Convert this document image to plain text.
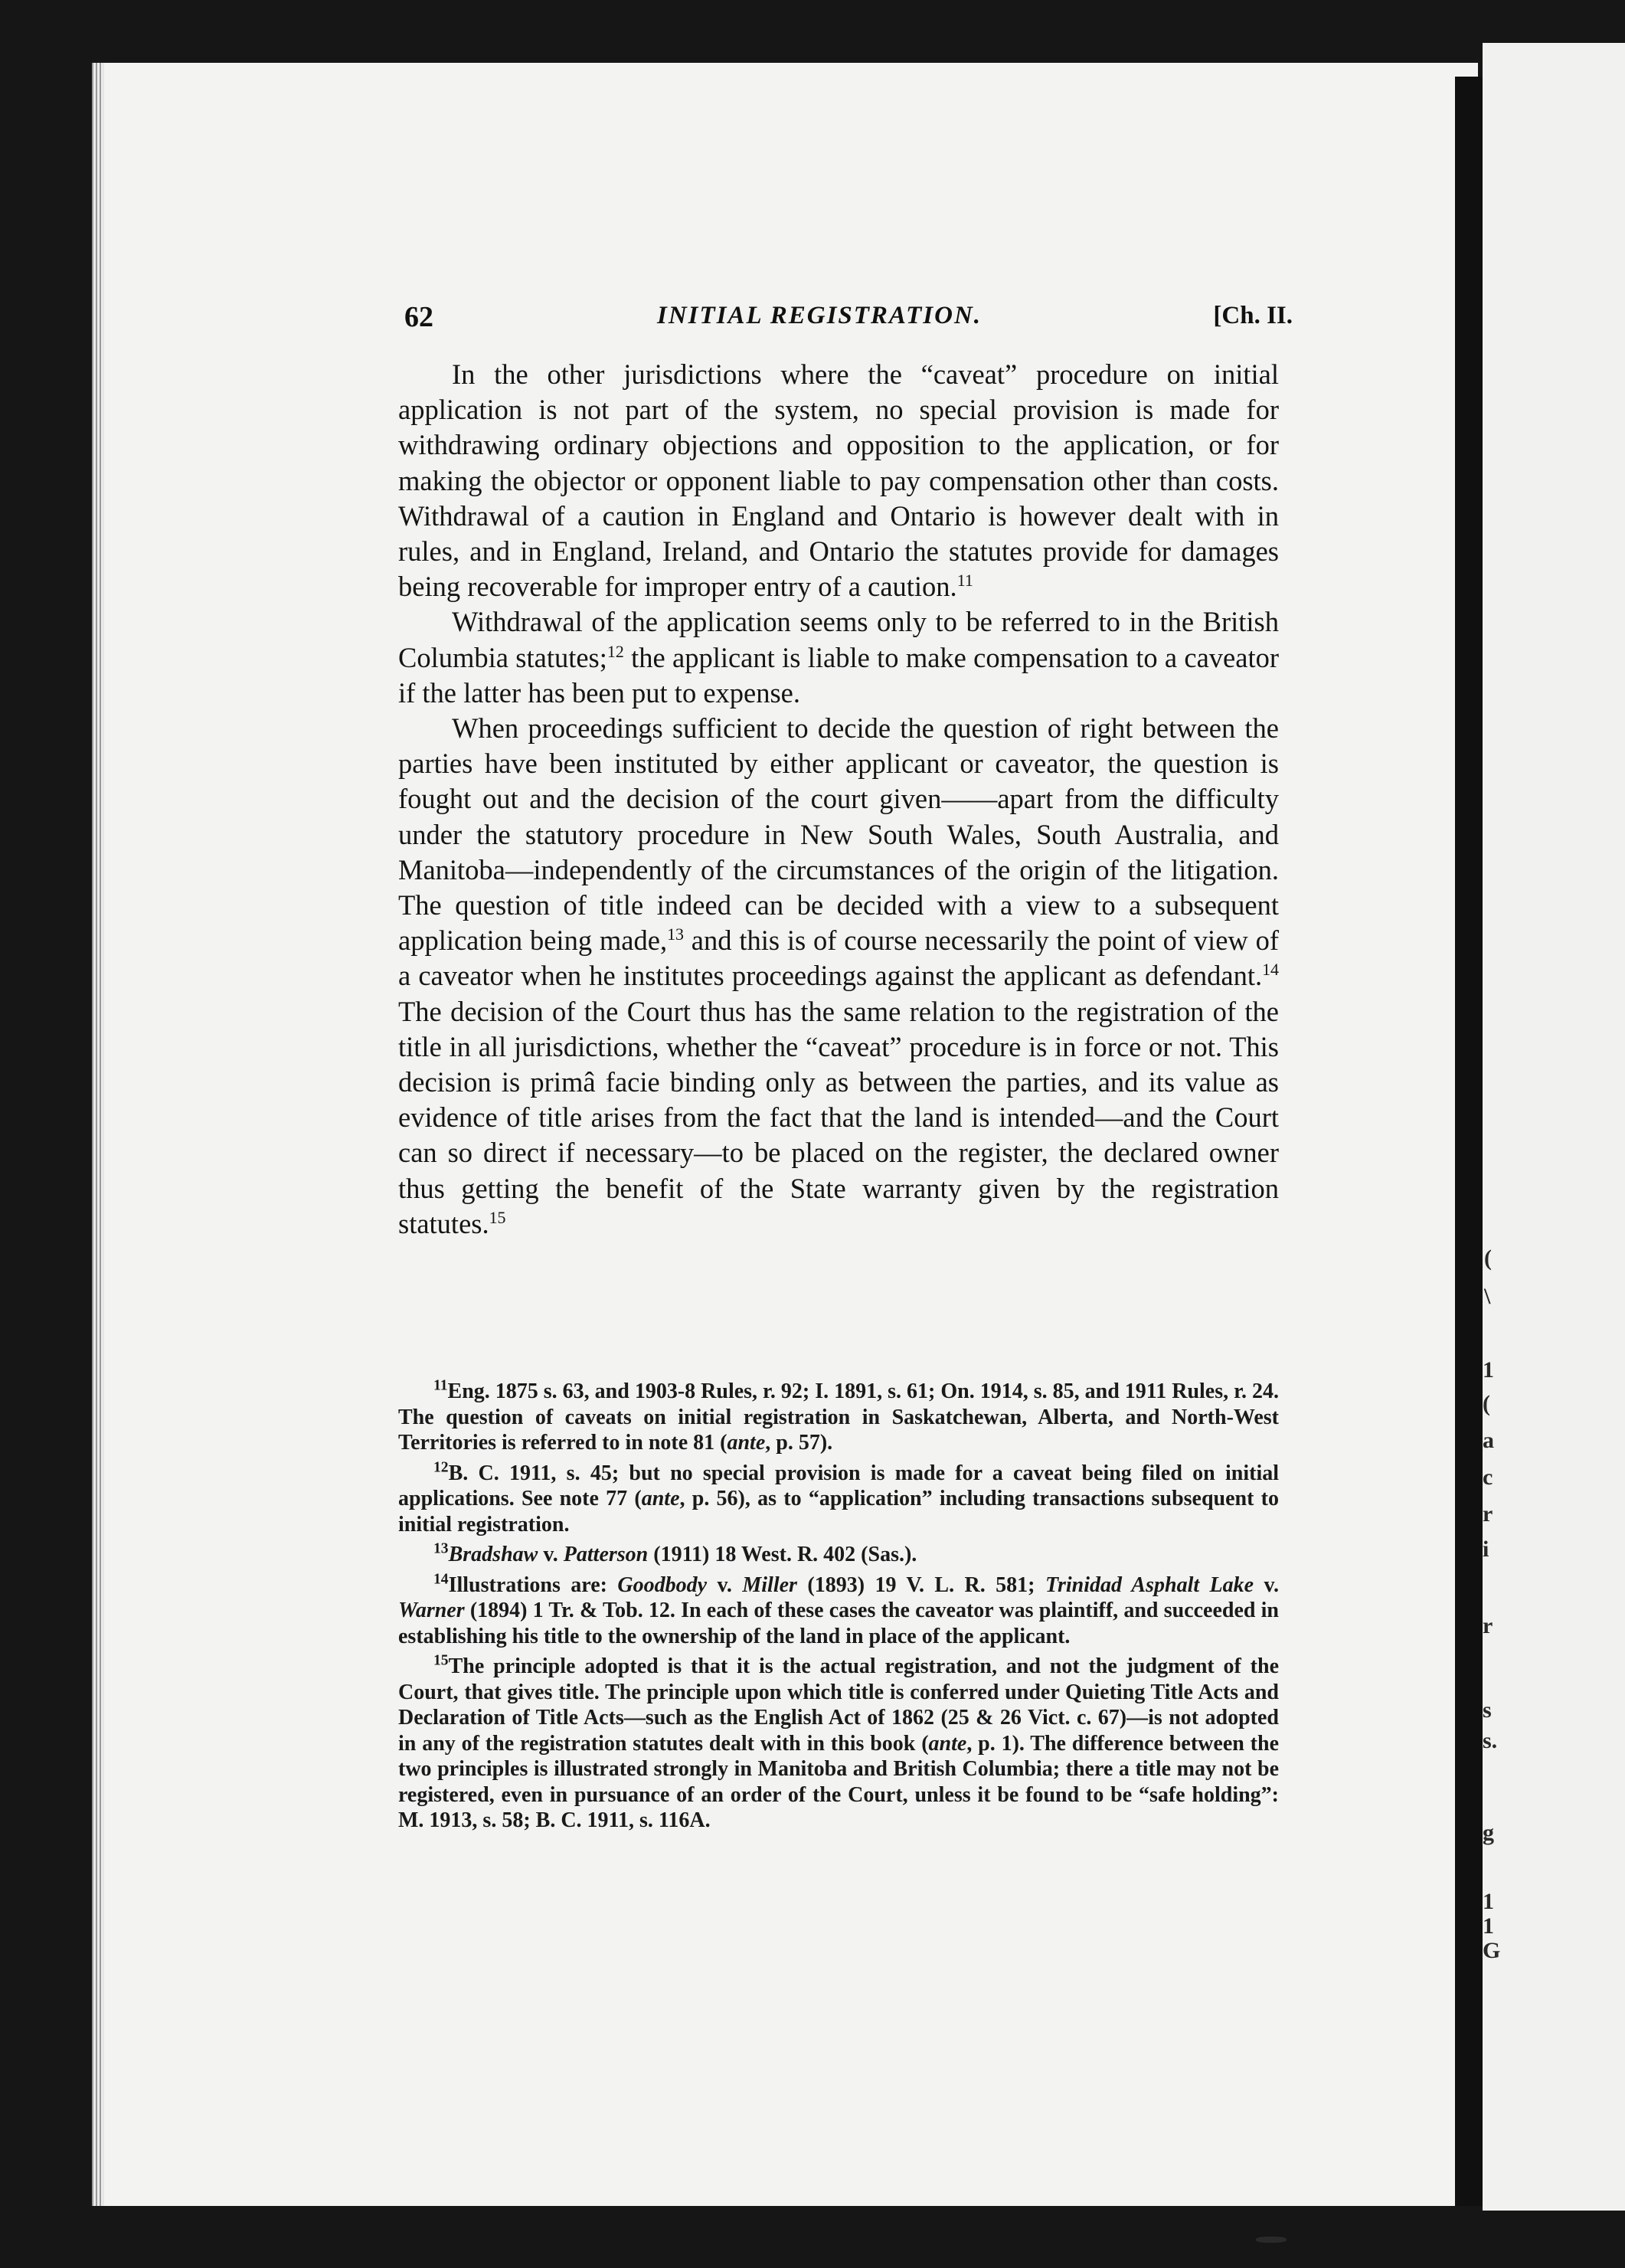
(
\
1
(
a
c
r
i
r
s
s.
g
1
1
G
62	INITIAL REGISTRATION.	[Ch. II.

In the other jurisdictions where the “caveat” procedure on initial application is not part of the system, no special provision is made for withdrawing ordinary objections and opposition to the application, or for making the objector or opponent liable to pay compensation other than costs. Withdrawal of a caution in England and Ontario is however dealt with in rules, and in England, Ireland, and Ontario the statutes provide for damages being recoverable for improper entry of a caution.$^{11}$

Withdrawal of the application seems only to be referred to in the British Columbia statutes;$^{12}$ the applicant is liable to make compensation to a caveator if the latter has been put to expense.

When proceedings sufficient to decide the question of right between the parties have been instituted by either applicant or caveator, the question is fought out and the decision of the court given——apart from the difficulty under the statutory procedure in New South Wales, South Australia, and Manitoba—independently of the circumstances of the origin of the litigation. The question of title indeed can be decided with a view to a subsequent application being made,$^{13}$ and this is of course necessarily the point of view of a caveator when he institutes proceedings against the applicant as defendant.$^{14}$ The decision of the Court thus has the same relation to the registration of the title in all jurisdictions, whether the “caveat” procedure is in force or not. This decision is primâ facie binding only as between the parties, and its value as evidence of title arises from the fact that the land is intended—and the Court can so direct if necessary—to be placed on the register, the declared owner thus getting the benefit of the State warranty given by the registration statutes.$^{15}$

$^{11}$Eng. 1875 s. 63, and 1903-8 Rules, r. 92; I. 1891, s. 61; On. 1914, s. 85, and 1911 Rules, r. 24. The question of caveats on initial registration in Saskatchewan, Alberta, and North-West Territories is referred to in note 81 (ante, p. 57).

$^{12}$B. C. 1911, s. 45; but no special provision is made for a caveat being filed on initial applications. See note 77 (ante, p. 56), as to “application” including transactions subsequent to initial registration.

$^{13}$Bradshaw v. Patterson (1911) 18 West. R. 402 (Sas.).

$^{14}$Illustrations are: Goodbody v. Miller (1893) 19 V. L. R. 581; Trinidad Asphalt Lake v. Warner (1894) 1 Tr. & Tob. 12. In each of these cases the caveator was plaintiff, and succeeded in establishing his title to the ownership of the land in place of the applicant.

$^{15}$The principle adopted is that it is the actual registration, and not the judgment of the Court, that gives title. The principle upon which title is conferred under Quieting Title Acts and Declaration of Title Acts—such as the English Act of 1862 (25 & 26 Vict. c. 67)—is not adopted in any of the registration statutes dealt with in this book (ante, p. 1). The difference between the two principles is illustrated strongly in Manitoba and British Columbia; there a title may not be registered, even in pursuance of an order of the Court, unless it be found to be “safe holding”: M. 1913, s. 58; B. C. 1911, s. 116A.
